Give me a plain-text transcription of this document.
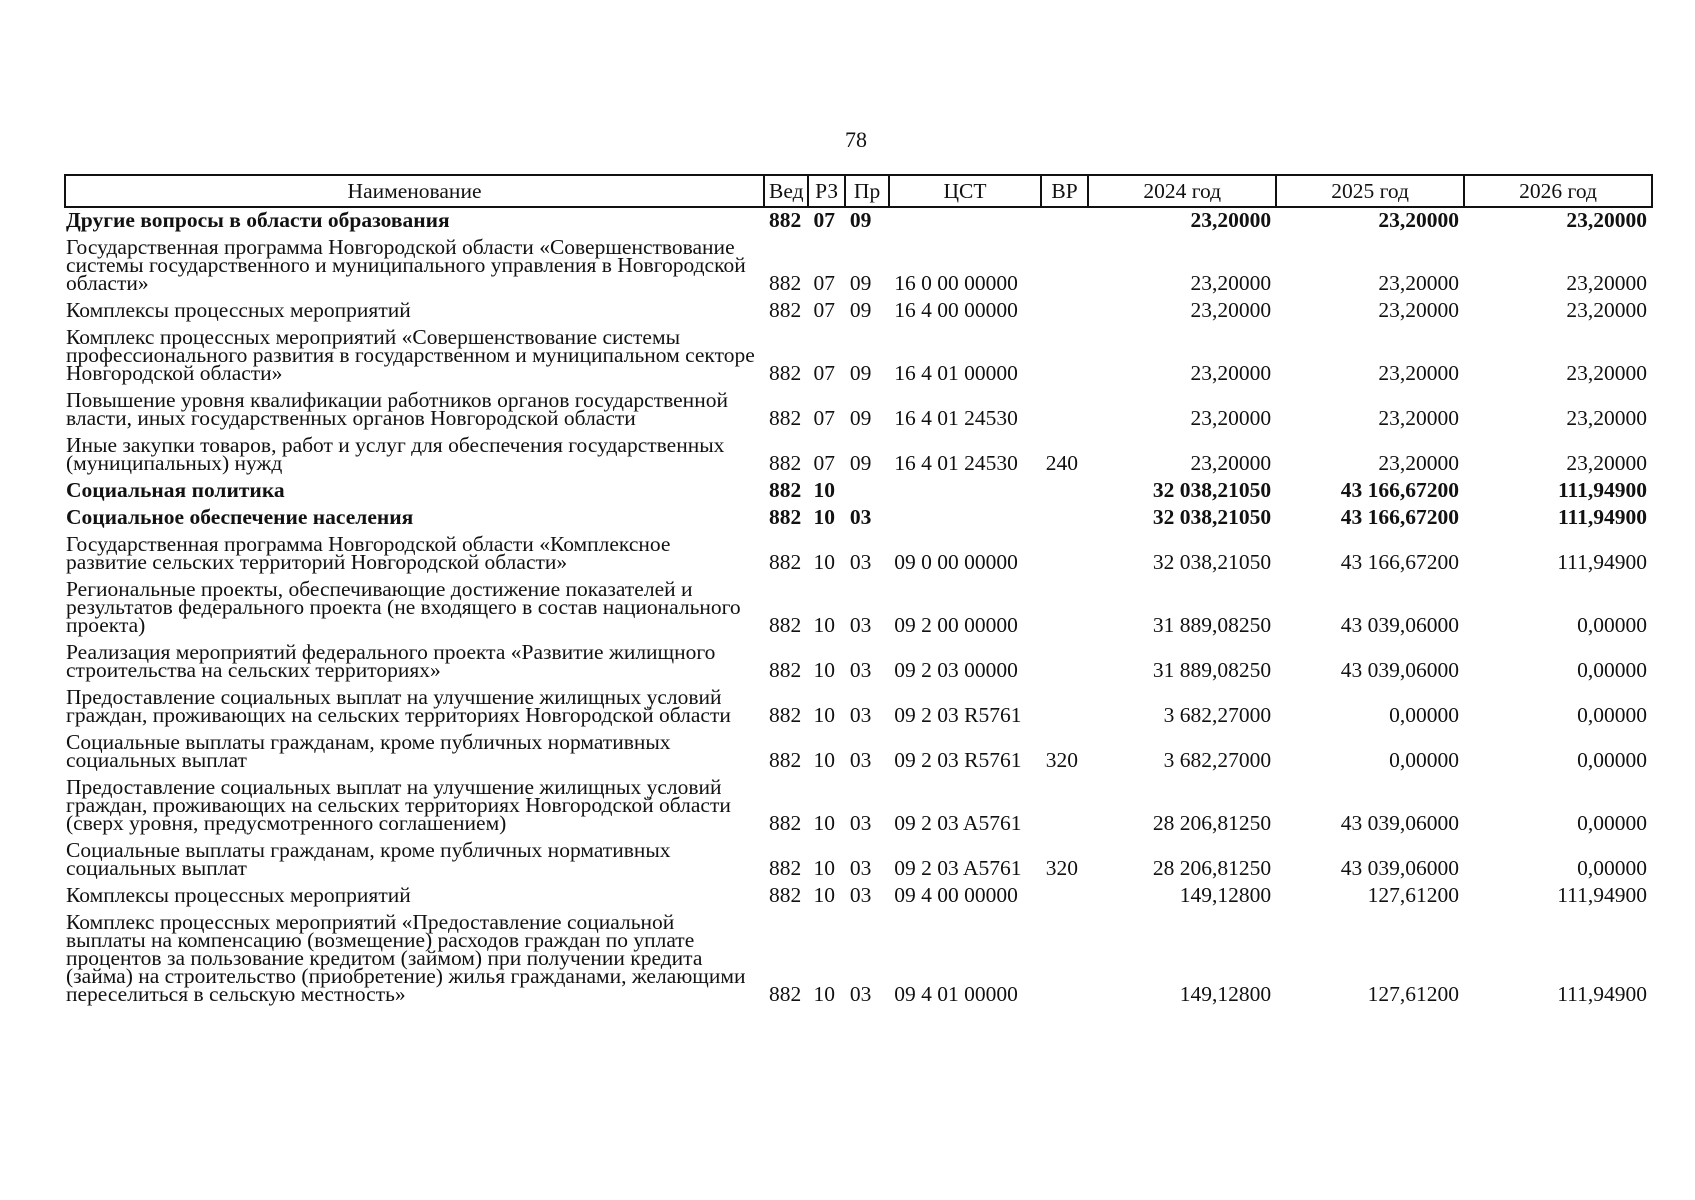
78
Наименование	Вед	РЗ	Пр	ЦСТ	ВР	2024 год	2025 год	2026 год
Другие вопросы в области образования	882	07	09			23,20000	23,20000	23,20000
Государственная программа Новгородской области «Совершенствование системы государственного и муниципального управления в Новгородской области»	882	07	09	16 0 00 00000		23,20000	23,20000	23,20000
Комплексы процессных мероприятий	882	07	09	16 4 00 00000		23,20000	23,20000	23,20000
Комплекс процессных мероприятий «Совершенствование системы профессионального развития в государственном и муниципальном секторе Новгородской области»	882	07	09	16 4 01 00000		23,20000	23,20000	23,20000
Повышение уровня квалификации работников органов государственной власти, иных государственных органов Новгородской области	882	07	09	16 4 01 24530		23,20000	23,20000	23,20000
Иные закупки товаров, работ и услуг для обеспечения государственных (муниципальных) нужд	882	07	09	16 4 01 24530	240	23,20000	23,20000	23,20000
Социальная политика	882	10				32 038,21050	43 166,67200	111,94900
Социальное обеспечение населения	882	10	03			32 038,21050	43 166,67200	111,94900
Государственная программа Новгородской области «Комплексное развитие сельских территорий Новгородской области»	882	10	03	09 0 00 00000		32 038,21050	43 166,67200	111,94900
Региональные проекты, обеспечивающие достижение показателей и результатов федерального проекта (не входящего в состав национального проекта)	882	10	03	09 2 00 00000		31 889,08250	43 039,06000	0,00000
Реализация мероприятий федерального проекта «Развитие жилищного строительства на сельских территориях»	882	10	03	09 2 03 00000		31 889,08250	43 039,06000	0,00000
Предоставление социальных выплат на улучшение жилищных условий граждан, проживающих на сельских территориях Новгородской области	882	10	03	09 2 03 R5761		3 682,27000	0,00000	0,00000
Социальные выплаты гражданам, кроме публичных нормативных социальных выплат	882	10	03	09 2 03 R5761	320	3 682,27000	0,00000	0,00000
Предоставление социальных выплат на улучшение жилищных условий граждан, проживающих на сельских территориях Новгородской области (сверх уровня, предусмотренного соглашением)	882	10	03	09 2 03 A5761		28 206,81250	43 039,06000	0,00000
Социальные выплаты гражданам, кроме публичных нормативных социальных выплат	882	10	03	09 2 03 A5761	320	28 206,81250	43 039,06000	0,00000
Комплексы процессных мероприятий	882	10	03	09 4 00 00000		149,12800	127,61200	111,94900
Комплекс процессных мероприятий «Предоставление социальной выплаты на компенсацию (возмещение) расходов граждан по уплате процентов за пользование кредитом (займом) при получении кредита (займа) на строительство (приобретение) жилья гражданами, желающими переселиться в сельскую местность»	882	10	03	09 4 01 00000		149,12800	127,61200	111,94900
